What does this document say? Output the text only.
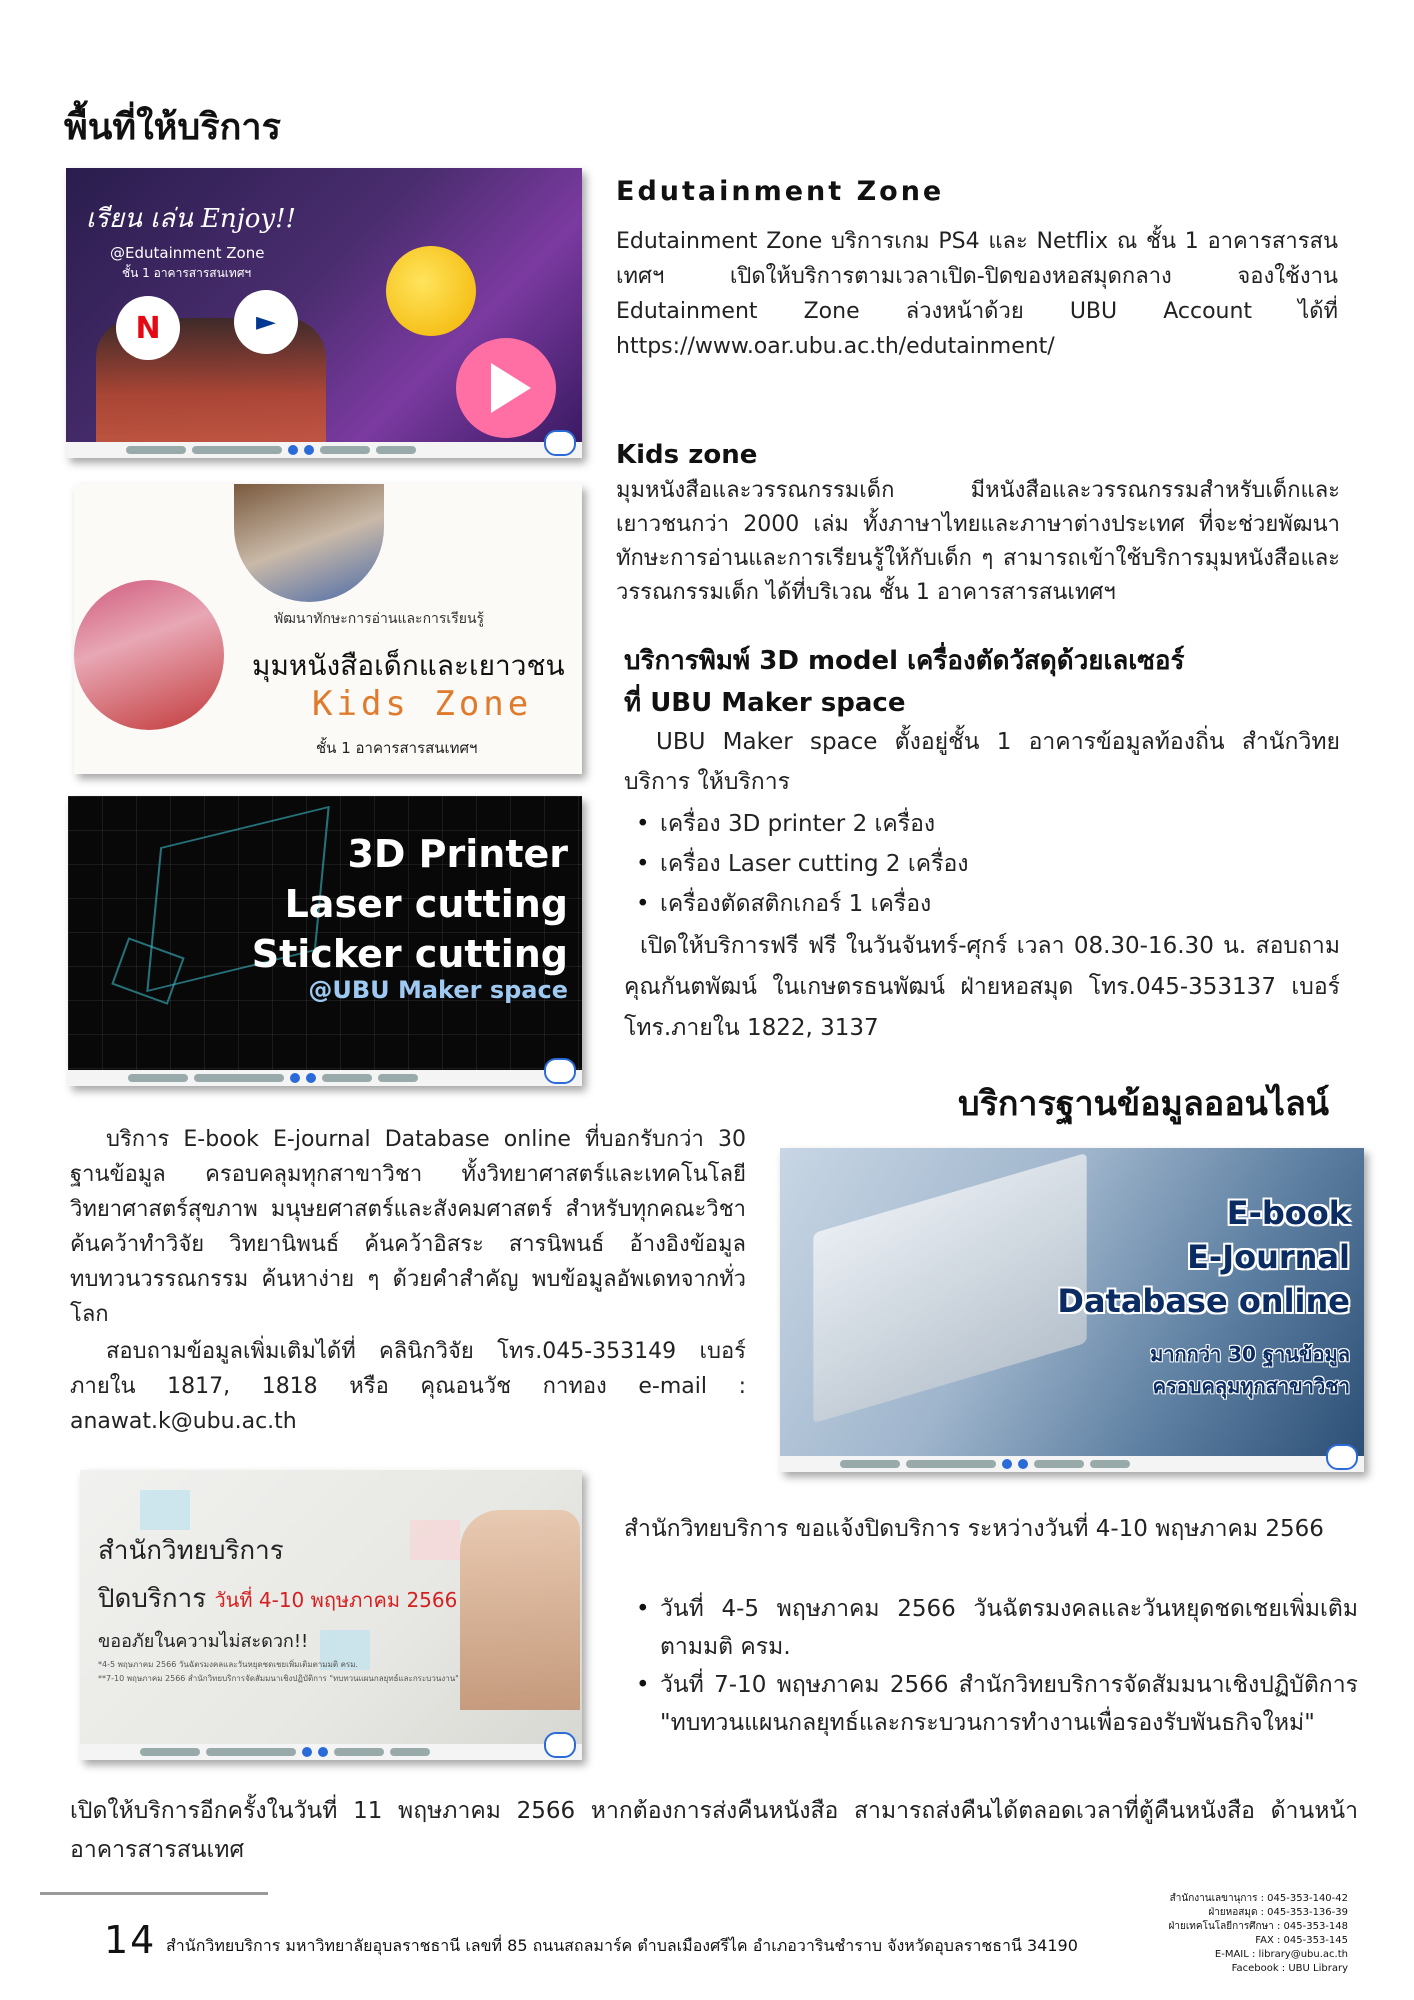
พื้นที่ให้บริการ
เรียน เล่น Enjoy!!
@Edutainment Zone
ชั้น 1 อาคารสารสนเทศฯ
N	►
Edutainment Zone
Edutainment Zone บริการเกม PS4 และ Netflix ณ ชั้น 1 อาคารสารสนเทศฯ เปิดให้บริการตามเวลาเปิด-ปิดของหอสมุดกลาง จองใช้งาน Edutainment Zone ล่วงหน้าด้วย UBU Account ได้ที่ https://www.oar.ubu.ac.th/edutainment/
พัฒนาทักษะการอ่านและการเรียนรู้
มุมหนังสือเด็กและเยาวชน
Kids Zone
ชั้น 1 อาคารสารสนเทศฯ
Kids zone
มุมหนังสือและวรรณกรรมเด็ก มีหนังสือและวรรณกรรมสำหรับเด็กและเยาวชนกว่า 2000 เล่ม ทั้งภาษาไทยและภาษาต่างประเทศ ที่จะช่วยพัฒนาทักษะการอ่านและการเรียนรู้ให้กับเด็ก ๆ สามารถเข้าใช้บริการมุมหนังสือและวรรณกรรมเด็ก ได้ที่บริเวณ ชั้น 1 อาคารสารสนเทศฯ
3D Printer
Laser cutting
Sticker cutting
@UBU Maker space
บริการพิมพ์ 3D model เครื่องตัดวัสดุด้วยเลเซอร์
ที่ UBU Maker space
UBU Maker space ตั้งอยู่ชั้น 1 อาคารข้อมูลท้องถิ่น สำนักวิทยบริการ ให้บริการ
• เครื่อง 3D printer 2 เครื่อง
• เครื่อง Laser cutting 2 เครื่อง
• เครื่องตัดสติกเกอร์ 1 เครื่อง
เปิดให้บริการฟรี ฟรี ในวันจันทร์-ศุกร์ เวลา 08.30-16.30 น. สอบถาม คุณกันตพัฒน์ ในเกษตรธนพัฒน์ ฝ่ายหอสมุด โทร.045-353137 เบอร์โทร.ภายใน 1822, 3137
บริการฐานข้อมูลออนไลน์
บริการ E-book E-journal Database online ที่บอกรับกว่า 30 ฐานข้อมูล ครอบคลุมทุกสาขาวิชา ทั้งวิทยาศาสตร์และเทคโนโลยี วิทยาศาสตร์สุขภาพ มนุษยศาสตร์และสังคมศาสตร์ สำหรับทุกคณะวิชา ค้นคว้าทำวิจัย วิทยานิพนธ์ ค้นคว้าอิสระ สารนิพนธ์ อ้างอิงข้อมูล ทบทวนวรรณกรรม ค้นหาง่าย ๆ ด้วยคำสำคัญ พบข้อมูลอัพเดทจากทั่วโลก
สอบถามข้อมูลเพิ่มเติมได้ที่ คลินิกวิจัย โทร.045-353149 เบอร์ภายใน 1817, 1818 หรือ คุณอนวัช กาทอง e-mail : anawat.k@ubu.ac.th
E-book
E-Journal
Database online
มากกว่า 30 ฐานข้อมูล
ครอบคลุมทุกสาขาวิชา
สำนักวิทยบริการ
ปิดบริการ วันที่ 4-10 พฤษภาคม 2566
ขออภัยในความไม่สะดวก!!
*4-5 พฤษภาคม 2566 วันฉัตรมงคลและวันหยุดชดเชยเพิ่มเติมตามมติ ครม.
**7-10 พฤษภาคม 2566 สำนักวิทยบริการจัดสัมมนาเชิงปฏิบัติการ "ทบทวนแผนกลยุทธ์และกระบวนงาน"
สำนักวิทยบริการ ขอแจ้งปิดบริการ ระหว่างวันที่ 4-10 พฤษภาคม 2566
• วันที่ 4-5 พฤษภาคม 2566 วันฉัตรมงคลและวันหยุดชดเชยเพิ่มเติมตามมติ ครม.
• วันที่ 7-10 พฤษภาคม 2566 สำนักวิทยบริการจัดสัมมนาเชิงปฏิบัติการ "ทบทวนแผนกลยุทธ์และกระบวนการทำงานเพื่อรองรับพันธกิจใหม่"
เปิดให้บริการอีกครั้งในวันที่ 11 พฤษภาคม 2566 หากต้องการส่งคืนหนังสือ สามารถส่งคืนได้ตลอดเวลาที่ตู้คืนหนังสือ ด้านหน้าอาคารสารสนเทศ
14 สำนักวิทยบริการ มหาวิทยาลัยอุบลราชธานี เลขที่ 85 ถนนสถลมาร์ค ตำบลเมืองศรีไค อำเภอวารินชำราบ จังหวัดอุบลราชธานี 34190
สำนักงานเลขานุการ : 045-353-140-42
ฝ่ายหอสมุด : 045-353-136-39
ฝ่ายเทคโนโลยีการศึกษา : 045-353-148
FAX : 045-353-145
E-MAIL : library@ubu.ac.th
Facebook : UBU Library
